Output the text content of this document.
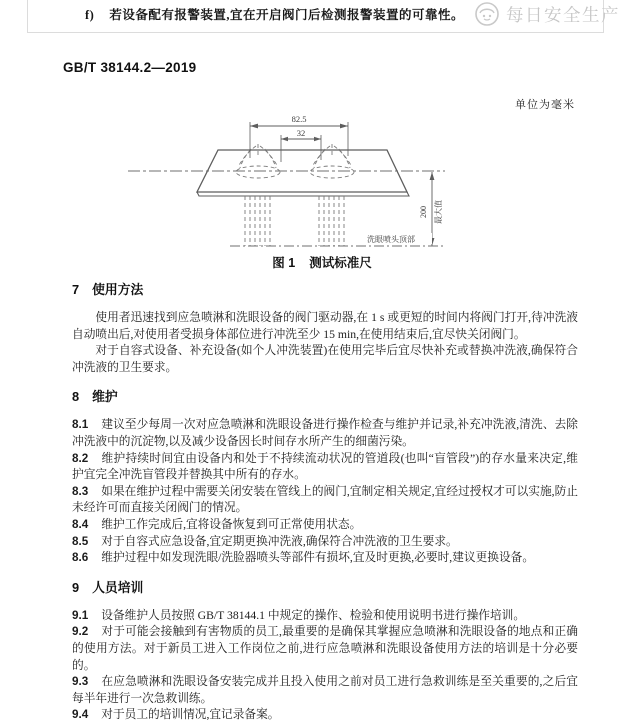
f) 若设备配有报警装置,宜在开启阀门后检测报警装置的可靠性。 每日安全生产
GB/T 38144.2—2019
单位为毫米
82.5
32
200 最大值
洗眼喷头顶部
图 1 测试标准尺
7 使用方法

使用者迅速找到应急喷淋和洗眼设备的阀门驱动器,在 1 s 或更短的时间内将阀门打开,待冲洗液自动喷出后,对使用者受损身体部位进行冲洗至少 15 min,在使用结束后,宜尽快关闭阀门。

对于自容式设备、补充设备(如个人冲洗装置)在使用完毕后宜尽快补充或替换冲洗液,确保符合冲洗液的卫生要求。

8 维护

8.1 建议至少每周一次对应急喷淋和洗眼设备进行操作检查与维护并记录,补充冲洗液,清洗、去除冲洗液中的沉淀物,以及减少设备因长时间存水所产生的细菌污染。

8.2 维护持续时间宜由设备内和处于不持续流动状况的管道段(也叫“盲管段”)的存水量来决定,维护宜完全冲洗盲管段并替换其中所有的存水。

8.3 如果在维护过程中需要关闭安装在管线上的阀门,宜制定相关规定,宜经过授权才可以实施,防止未经许可而直接关闭阀门的情况。

8.4 维护工作完成后,宜将设备恢复到可正常使用状态。

8.5 对于自容式应急设备,宜定期更换冲洗液,确保符合冲洗液的卫生要求。

8.6 维护过程中如发现洗眼/洗脸器喷头等部件有损坏,宜及时更换,必要时,建议更换设备。

9 人员培训

9.1 设备维护人员按照 GB/T 38144.1 中规定的操作、检验和使用说明书进行操作培训。

9.2 对于可能会接触到有害物质的员工,最重要的是确保其掌握应急喷淋和洗眼设备的地点和正确的使用方法。对于新员工进入工作岗位之前,进行应急喷淋和洗眼设备使用方法的培训是十分必要的。

9.3 在应急喷淋和洗眼设备安装完成并且投入使用之前对员工进行急救训练是至关重要的,之后宜每半年进行一次急救训练。

9.4 对于员工的培训情况,宜记录备案。
